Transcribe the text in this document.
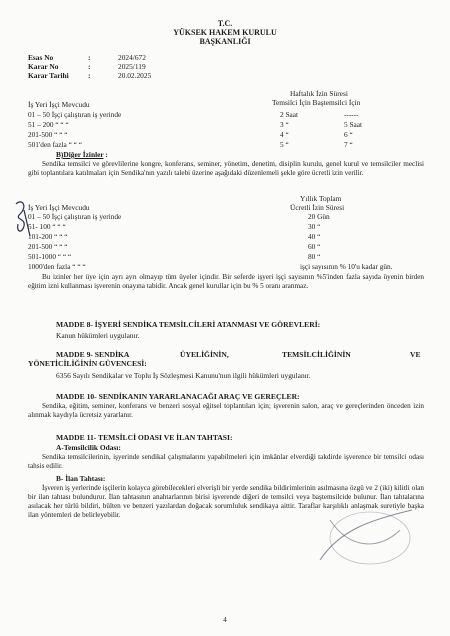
T.C.
YÜKSEK HAKEM KURULU
BAŞKANLIĞI
Esas No	:	2024/672
Karar No	:	2025/119
Karar Tarihi	:	20.02.2025
Haftalık İzin Süresi
İş Yeri İşçi Mevcudu	Temsilci İçin Baştemsilci İçin
01 – 50 İşçi çalıştıran iş yerinde	2 Saat	------
51 – 200 “ “ “	3 “	5 Saat
201-500 “ “ “	4 “	6 “
501'den fazla “ “ “	5 “	7 “
B)Diğer İzinler :

Sendika temsilci ve görevlilerine kongre, konferans, seminer, yönetim, denetim, disiplin kurulu, genel kurul ve temsilciler meclisi gibi toplantılara katılmaları için Sendika'nın yazılı talebi üzerine aşağıdaki düzenlemeli şekle göre ücretli izin verilir.

Yıllık Toplam
İş Yeri İşçi Mevcudu	Ücretli İzin Süresi
01 – 50 İşçi çalıştıran iş yerinde	20 Gün
51- 100 “ “ “	30 “
101-200 “ “ “	40 “
201-500 “ “ “	60 “
501-1000 “ “ “	80 “
1000'den fazla “ “ “	işçi sayısının % 10'u kadar gün.

Bu izinler her üye için ayrı ayrı olmayıp tüm üyeler içindir. Bir seferde işyeri işçi sayısının %5'inden fazla sayıda üyenin birden eğitim izni kullanması işverenin onayına tabidir. Ancak genel kurullar için bu % 5 oranı aranmaz.

MADDE 8- İŞYERİ SENDİKA TEMSİLCİLERİ ATANMASI VE GÖREVLERİ:
Kanun hükümleri uygulanır.
MADDE 9- SENDİKA	ÜYELİĞİNİN,	TEMSİLCİLİĞİNİN	VE
YÖNETİCİLİĞİNİN GÜVENCESİ:
6356 Sayılı Sendikalar ve Toplu İş Sözleşmesi Kanunu'nun ilgili hükümleri uygulanır.
MADDE 10- SENDİKANIN YARARLANACAĞI ARAÇ VE GEREÇLER:

Sendika, eğitim, seminer, konferans ve benzeri sosyal eğitsel toplantıları için; işverenin salon, araç ve gereçlerinden önceden izin alınmak kaydıyla ücretsiz yararlanır.

MADDE 11- TEMSİLCİ ODASI VE İLAN TAHTASI:
A-Temsilcilik Odası:

Sendika temsilcilerinin, işyerinde sendikal çalışmalarını yapabilmeleri için imkânlar elverdiği takdirde işverence bir temsilci odası tahsis edilir.

B- İlan Tahtası:

İşveren iş yerlerinde işçilerin kolayca görebilecekleri elverişli bir yerde sendika bildirimlerinin asılmasına özgü ve 2 (iki) kilitli olan bir ilan tahtası bulundurur. İlan tahtasının anahtarlarının birisi işverende diğeri de temsilci veya baştemsilcide bulunur. İlan tahtalarına asılacak her türlü bildiri, bülten ve benzeri yazılardan doğacak sorumluluk sendikaya aittir. Taraflar karşılıklı anlaşmak suretiyle başka ilan yöntemleri de belirleyebilir.

4
